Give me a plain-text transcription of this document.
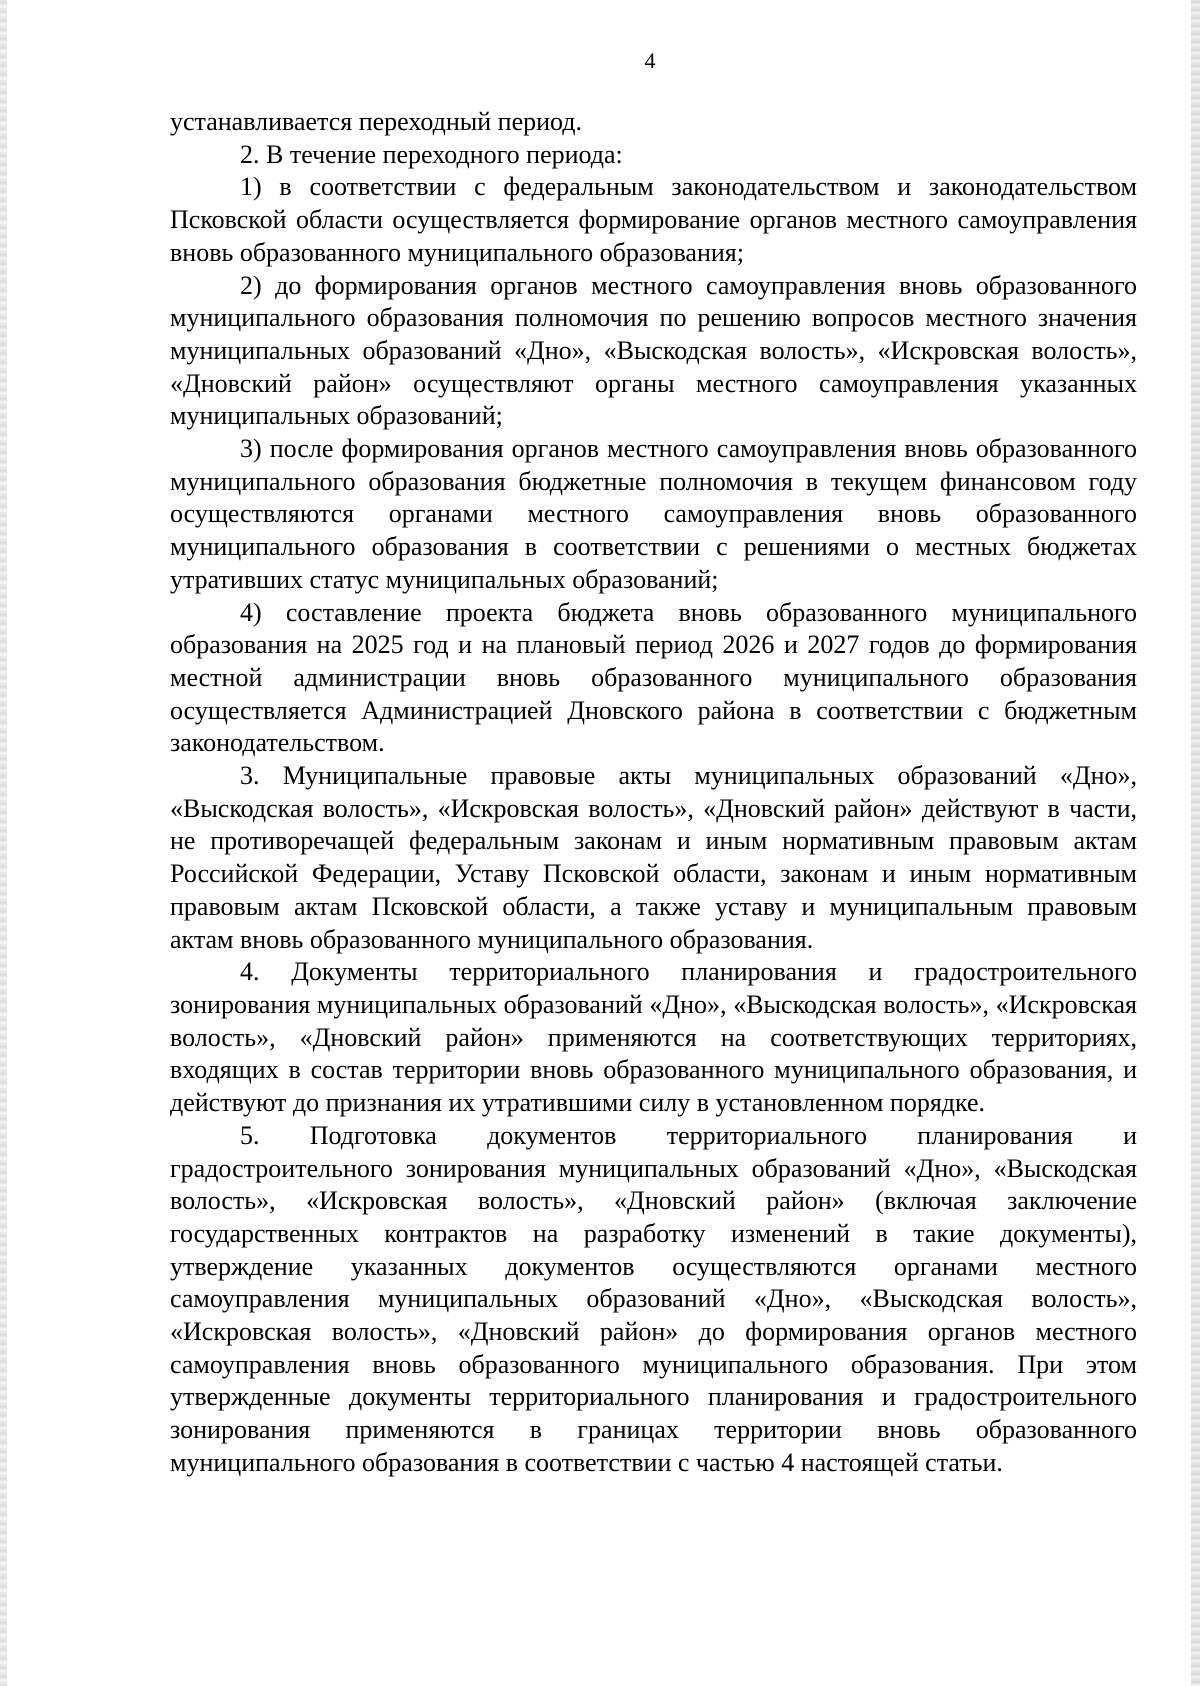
4

устанавливается переходный период.

2. В течение переходного периода:

1) в соответствии с федеральным законодательством и законодательством Псковской области осуществляется формирование органов местного самоуправления вновь образованного муниципального образования;

2) до формирования органов местного самоуправления вновь образованного муниципального образования полномочия по решению вопросов местного значения муниципальных образований «Дно», «Выскодская волость», «Искровская волость», «Дновский район» осуществляют органы местного самоуправления указанных муниципальных образований;

3) после формирования органов местного самоуправления вновь образованного муниципального образования бюджетные полномочия в текущем финансовом году осуществляются органами местного самоуправления вновь образованного муниципального образования в соответствии с решениями о местных бюджетах утративших статус муниципальных образований;

4) составление проекта бюджета вновь образованного муниципального образования на 2025 год и на плановый период 2026 и 2027 годов до формирования местной администрации вновь образованного муниципального образования осуществляется Администрацией Дновского района в соответствии с бюджетным законодательством.

3. Муниципальные правовые акты муниципальных образований «Дно», «Выскодская волость», «Искровская волость», «Дновский район» действуют в части, не противоречащей федеральным законам и иным нормативным правовым актам Российской Федерации, Уставу Псковской области, законам и иным нормативным правовым актам Псковской области, а также уставу и муниципальным правовым актам вновь образованного муниципального образования.

4. Документы территориального планирования и градостроительного зонирования муниципальных образований «Дно», «Выскодская волость», «Искровская волость», «Дновский район» применяются на соответствующих территориях, входящих в состав территории вновь образованного муниципального образования, и действуют до признания их утратившими силу в установленном порядке.

5. Подготовка документов территориального планирования и градостроительного зонирования муниципальных образований «Дно», «Выскодская волость», «Искровская волость», «Дновский район» (включая заключение государственных контрактов на разработку изменений в такие документы), утверждение указанных документов осуществляются органами местного самоуправления муниципальных образований «Дно», «Выскодская волость», «Искровская волость», «Дновский район» до формирования органов местного самоуправления вновь образованного муниципального образования. При этом утвержденные документы территориального планирования и градостроительного зонирования применяются в границах территории вновь образованного муниципального образования в соответствии с частью 4 настоящей статьи.
